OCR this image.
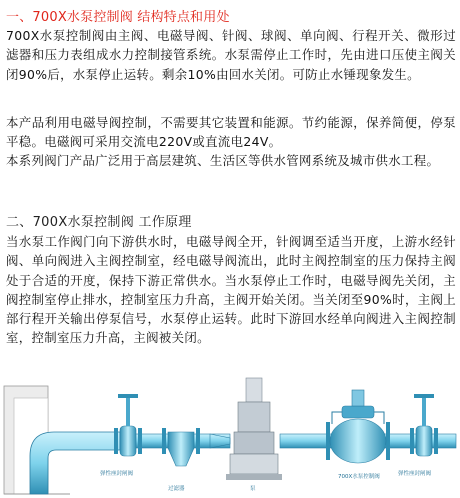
一、700X水泵控制阀 结构特点和用处

700X水泵控制阀由主阀、电磁导阀、针阀、球阀、单向阀、行程开关、微形过滤器和压力表组成水力控制接管系统。水泵需停止工作时，先由进口压使主阀关闭90%后，水泵停止运转。剩余10%由回水关闭。可防止水锤现象发生。

本产品利用电磁导阀控制，不需要其它装置和能源。节约能源，保养简便，停泵平稳。电磁阀可采用交流电220V或直流电24V。

本系列阀门产品广泛用于高层建筑、生活区等供水管网系统及城市供水工程。

二、700X水泵控制阀 工作原理

当水泵工作阀门向下游供水时，电磁导阀全开，针阀调至适当开度，上游水经针阀、单向阀进入主阀控制室，经电磁导阀流出，此时主阀控制室的压力保持主阀处于合适的开度，保持下游正常供水。当水泵停止工作时，电磁导阀先关闭，主阀控制室停止排水，控制室压力升高，主阀开始关闭。当关闭至90%时，主阀上部行程开关输出停泵信号，水泵停止运转。此时下游回水经单向阀进入主阀控制室，控制室压力升高，主阀被关闭。

弹性座封闸阀
过滤器	泵
700X水泵控制阀	弹性座封闸阀
